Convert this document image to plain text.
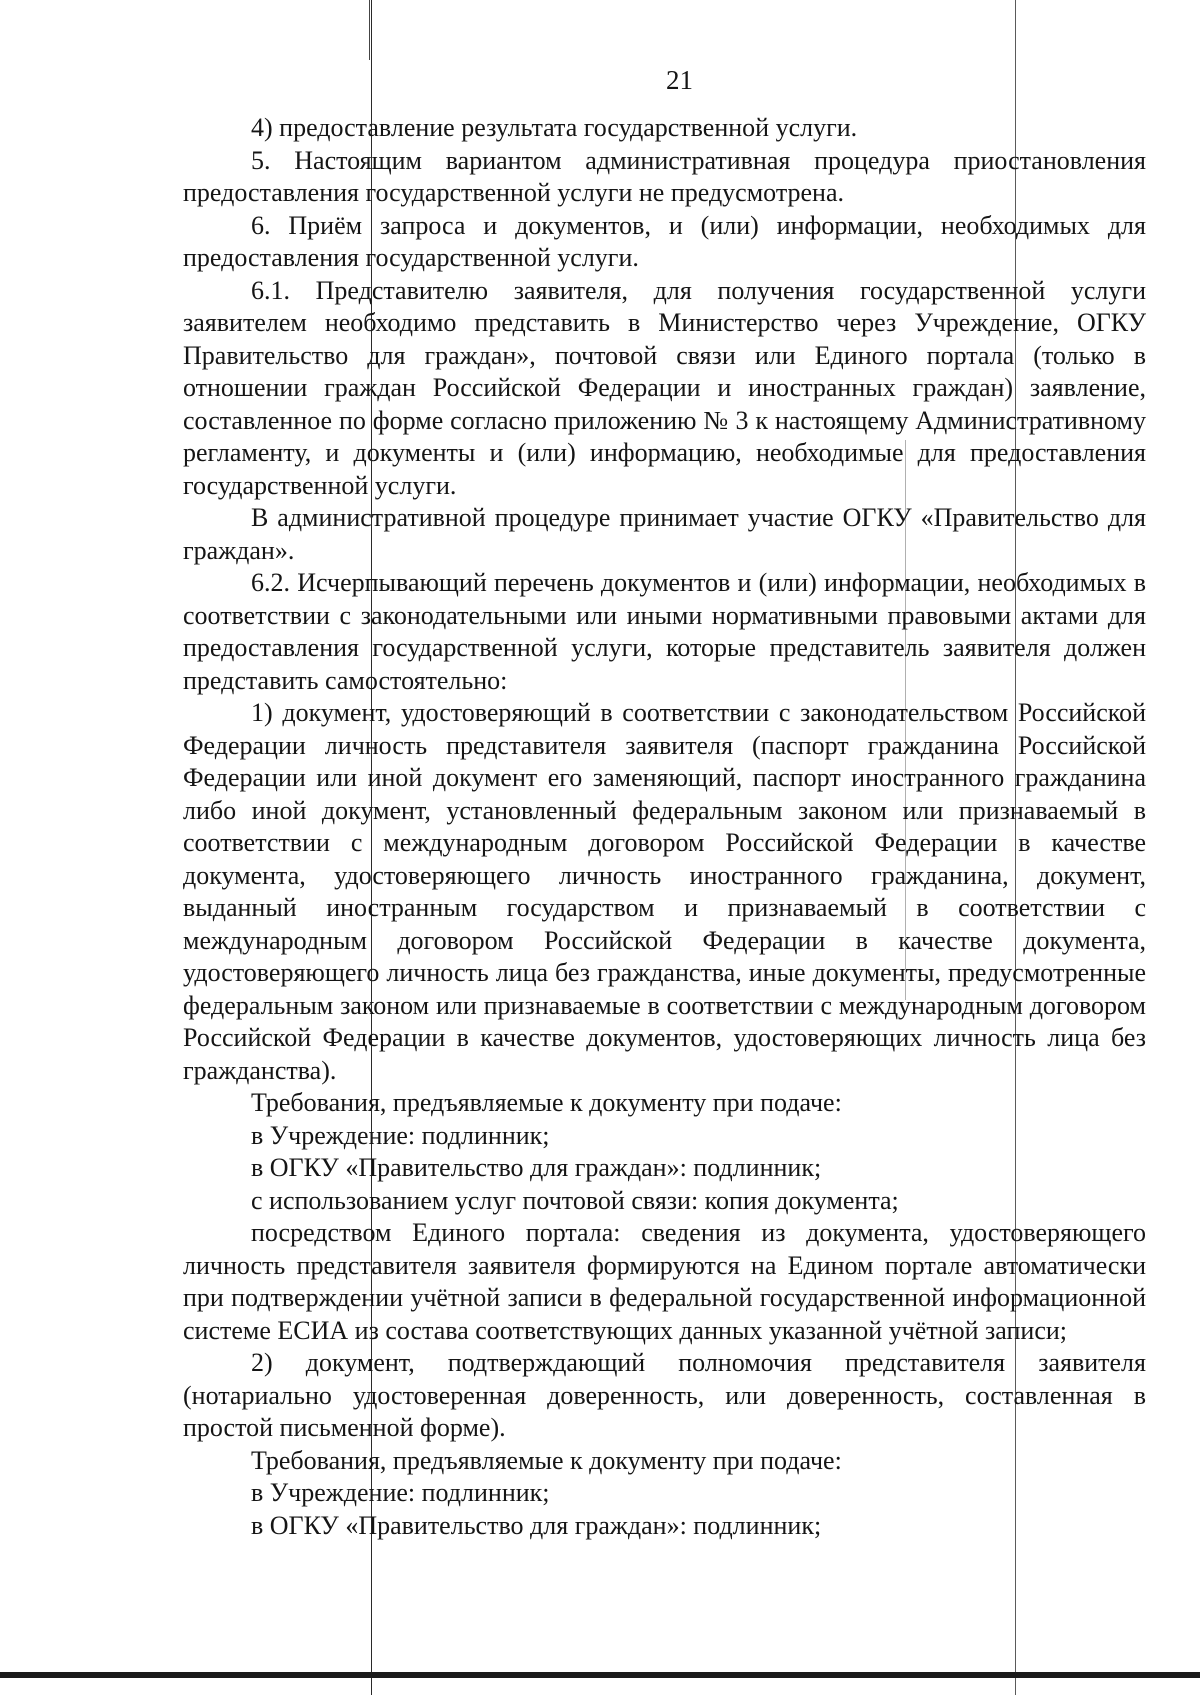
21

4) предоставление результата государственной услуги.

5. Настоящим вариантом административная процедура приостановления предоставления государственной услуги не предусмотрена.

6. Приём запроса и документов, и (или) информации, необходимых для предоставления государственной услуги.

6.1. Представителю заявителя, для получения государственной услуги заявителем необходимо представить в Министерство через Учреждение, ОГКУ Правительство для граждан», почтовой связи или Единого портала (только в отношении граждан Российской Федерации и иностранных граждан) заявление, составленное по форме согласно приложению № 3 к настоящему Административному регламенту, и документы и (или) информацию, необходимые для предоставления государственной услуги.

В административной процедуре принимает участие ОГКУ «Правительство для граждан».

6.2. Исчерпывающий перечень документов и (или) информации, необходимых в соответствии с законодательными или иными нормативными правовыми актами для предоставления государственной услуги, которые представитель заявителя должен представить самостоятельно:

1) документ, удостоверяющий в соответствии с законодательством Российской Федерации личность представителя заявителя (паспорт гражданина Российской Федерации или иной документ его заменяющий, паспорт иностранного гражданина либо иной документ, установленный федеральным законом или признаваемый в соответствии с международным договором Российской Федерации в качестве документа, удостоверяющего личность иностранного гражданина, документ, выданный иностранным государством и признаваемый в соответствии с международным договором Российской Федерации в качестве документа, удостоверяющего личность лица без гражданства, иные документы, предусмотренные федеральным законом или признаваемые в соответствии с международным договором Российской Федерации в качестве документов, удостоверяющих личность лица без гражданства).

Требования, предъявляемые к документу при подаче:

в Учреждение: подлинник;

в ОГКУ «Правительство для граждан»: подлинник;

с использованием услуг почтовой связи: копия документа;

посредством Единого портала: сведения из документа, удостоверяющего личность представителя заявителя формируются на Едином портале автоматически при подтверждении учётной записи в федеральной государственной информационной системе ЕСИА из состава соответствующих данных указанной учётной записи;

2) документ, подтверждающий полномочия представителя заявителя (нотариально удостоверенная доверенность, или доверенность, составленная в простой письменной форме).

Требования, предъявляемые к документу при подаче:

в Учреждение: подлинник;

в ОГКУ «Правительство для граждан»: подлинник;
